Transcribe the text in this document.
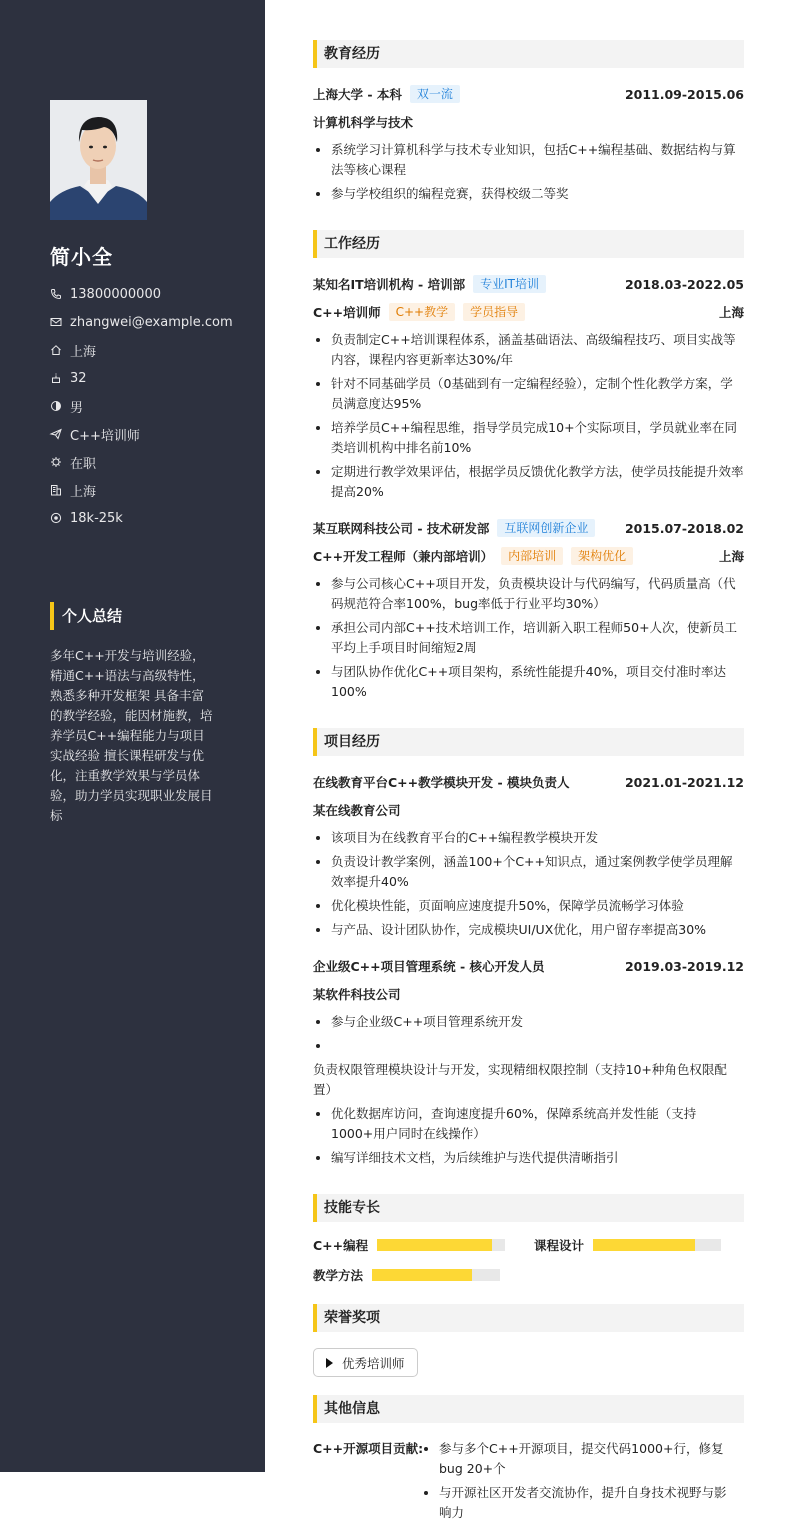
简小全
13800000000
zhangwei@example.com
上海
32
男
C++培训师
在职
上海
18k-25k
个人总结
多年C++开发与培训经验，精通C++语法与高级特性，熟悉多种开发框架 具备丰富的教学经验，能因材施教，培养学员C++编程能力与项目实战经验 擅长课程研发与优化，注重教学效果与学员体验，助力学员实现职业发展目标
教育经历
上海大学 - 本科	双一流	2011.09-2015.06
计算机科学与技术
系统学习计算机科学与技术专业知识，包括C++编程基础、数据结构与算法等核心课程
参与学校组织的编程竞赛，获得校级二等奖
工作经历
某知名IT培训机构 - 培训部	专业IT培训	2018.03-2022.05
C++培训师	C++教学	学员指导	上海
负责制定C++培训课程体系，涵盖基础语法、高级编程技巧、项目实战等内容，课程内容更新率达30%/年
针对不同基础学员（0基础到有一定编程经验），定制个性化教学方案，学员满意度达95%
培养学员C++编程思维，指导学员完成10+个实际项目，学员就业率在同类培训机构中排名前10%
定期进行教学效果评估，根据学员反馈优化教学方法，使学员技能提升效率提高20%
某互联网科技公司 - 技术研发部	互联网创新企业	2015.07-2018.02
C++开发工程师（兼内部培训）	内部培训	架构优化	上海
参与公司核心C++项目开发，负责模块设计与代码编写，代码质量高（代码规范符合率100%，bug率低于行业平均30%）
承担公司内部C++技术培训工作，培训新入职工程师50+人次，使新员工平均上手项目时间缩短2周
与团队协作优化C++项目架构，系统性能提升40%，项目交付准时率达100%
项目经历
在线教育平台C++教学模块开发 - 模块负责人	2021.01-2021.12
某在线教育公司
该项目为在线教育平台的C++编程教学模块开发
负责设计教学案例，涵盖100+个C++知识点，通过案例教学使学员理解效率提升40%
优化模块性能，页面响应速度提升50%，保障学员流畅学习体验
与产品、设计团队协作，完成模块UI/UX优化，用户留存率提高30%
企业级C++项目管理系统 - 核心开发人员	2019.03-2019.12
某软件科技公司
参与企业级C++项目管理系统开发
负责权限管理模块设计与开发，实现精细权限控制（支持10+种角色权限配置）
优化数据库访问，查询速度提升60%，保障系统高并发性能（支持1000+用户同时在线操作）
编写详细技术文档，为后续维护与迭代提供清晰指引
技能专长
C++编程	课程设计
教学方法
荣誉奖项
优秀培训师
其他信息
C++开源项目贡献:	参与多个C++开源项目，提交代码1000+行，修复bug 20+个
与开源社区开发者交流协作，提升自身技术视野与影响力
